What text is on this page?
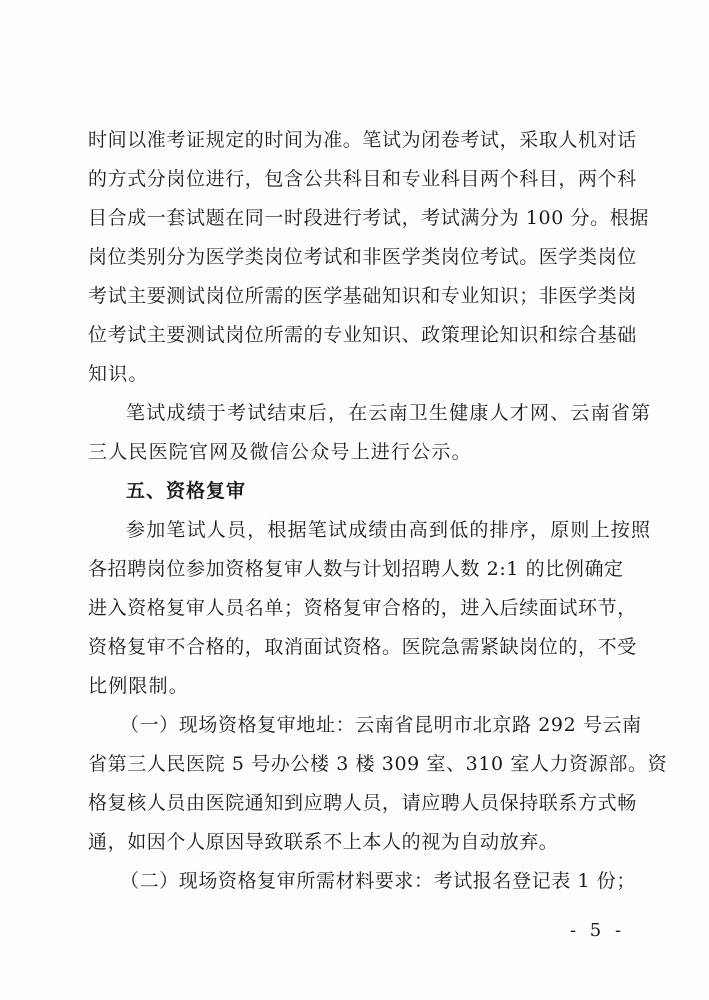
时间以准考证规定的时间为准。笔试为闭卷考试，采取人机对话
的方式分岗位进行，包含公共科目和专业科目两个科目，两个科
目合成一套试题在同一时段进行考试，考试满分为 100 分。根据
岗位类别分为医学类岗位考试和非医学类岗位考试。医学类岗位
考试主要测试岗位所需的医学基础知识和专业知识；非医学类岗
位考试主要测试岗位所需的专业知识、政策理论知识和综合基础
知识。
笔试成绩于考试结束后，在云南卫生健康人才网、云南省第
三人民医院官网及微信公众号上进行公示。
五、资格复审
参加笔试人员，根据笔试成绩由高到低的排序，原则上按照
各招聘岗位参加资格复审人数与计划招聘人数 2:1 的比例确定
进入资格复审人员名单；资格复审合格的，进入后续面试环节，
资格复审不合格的，取消面试资格。医院急需紧缺岗位的，不受
比例限制。
（一）现场资格复审地址：云南省昆明市北京路 292 号云南
省第三人民医院 5 号办公楼 3 楼 309 室、310 室人力资源部。资
格复核人员由医院通知到应聘人员，请应聘人员保持联系方式畅
通，如因个人原因导致联系不上本人的视为自动放弃。
（二）现场资格复审所需材料要求：考试报名登记表 1 份；
- 5 -
